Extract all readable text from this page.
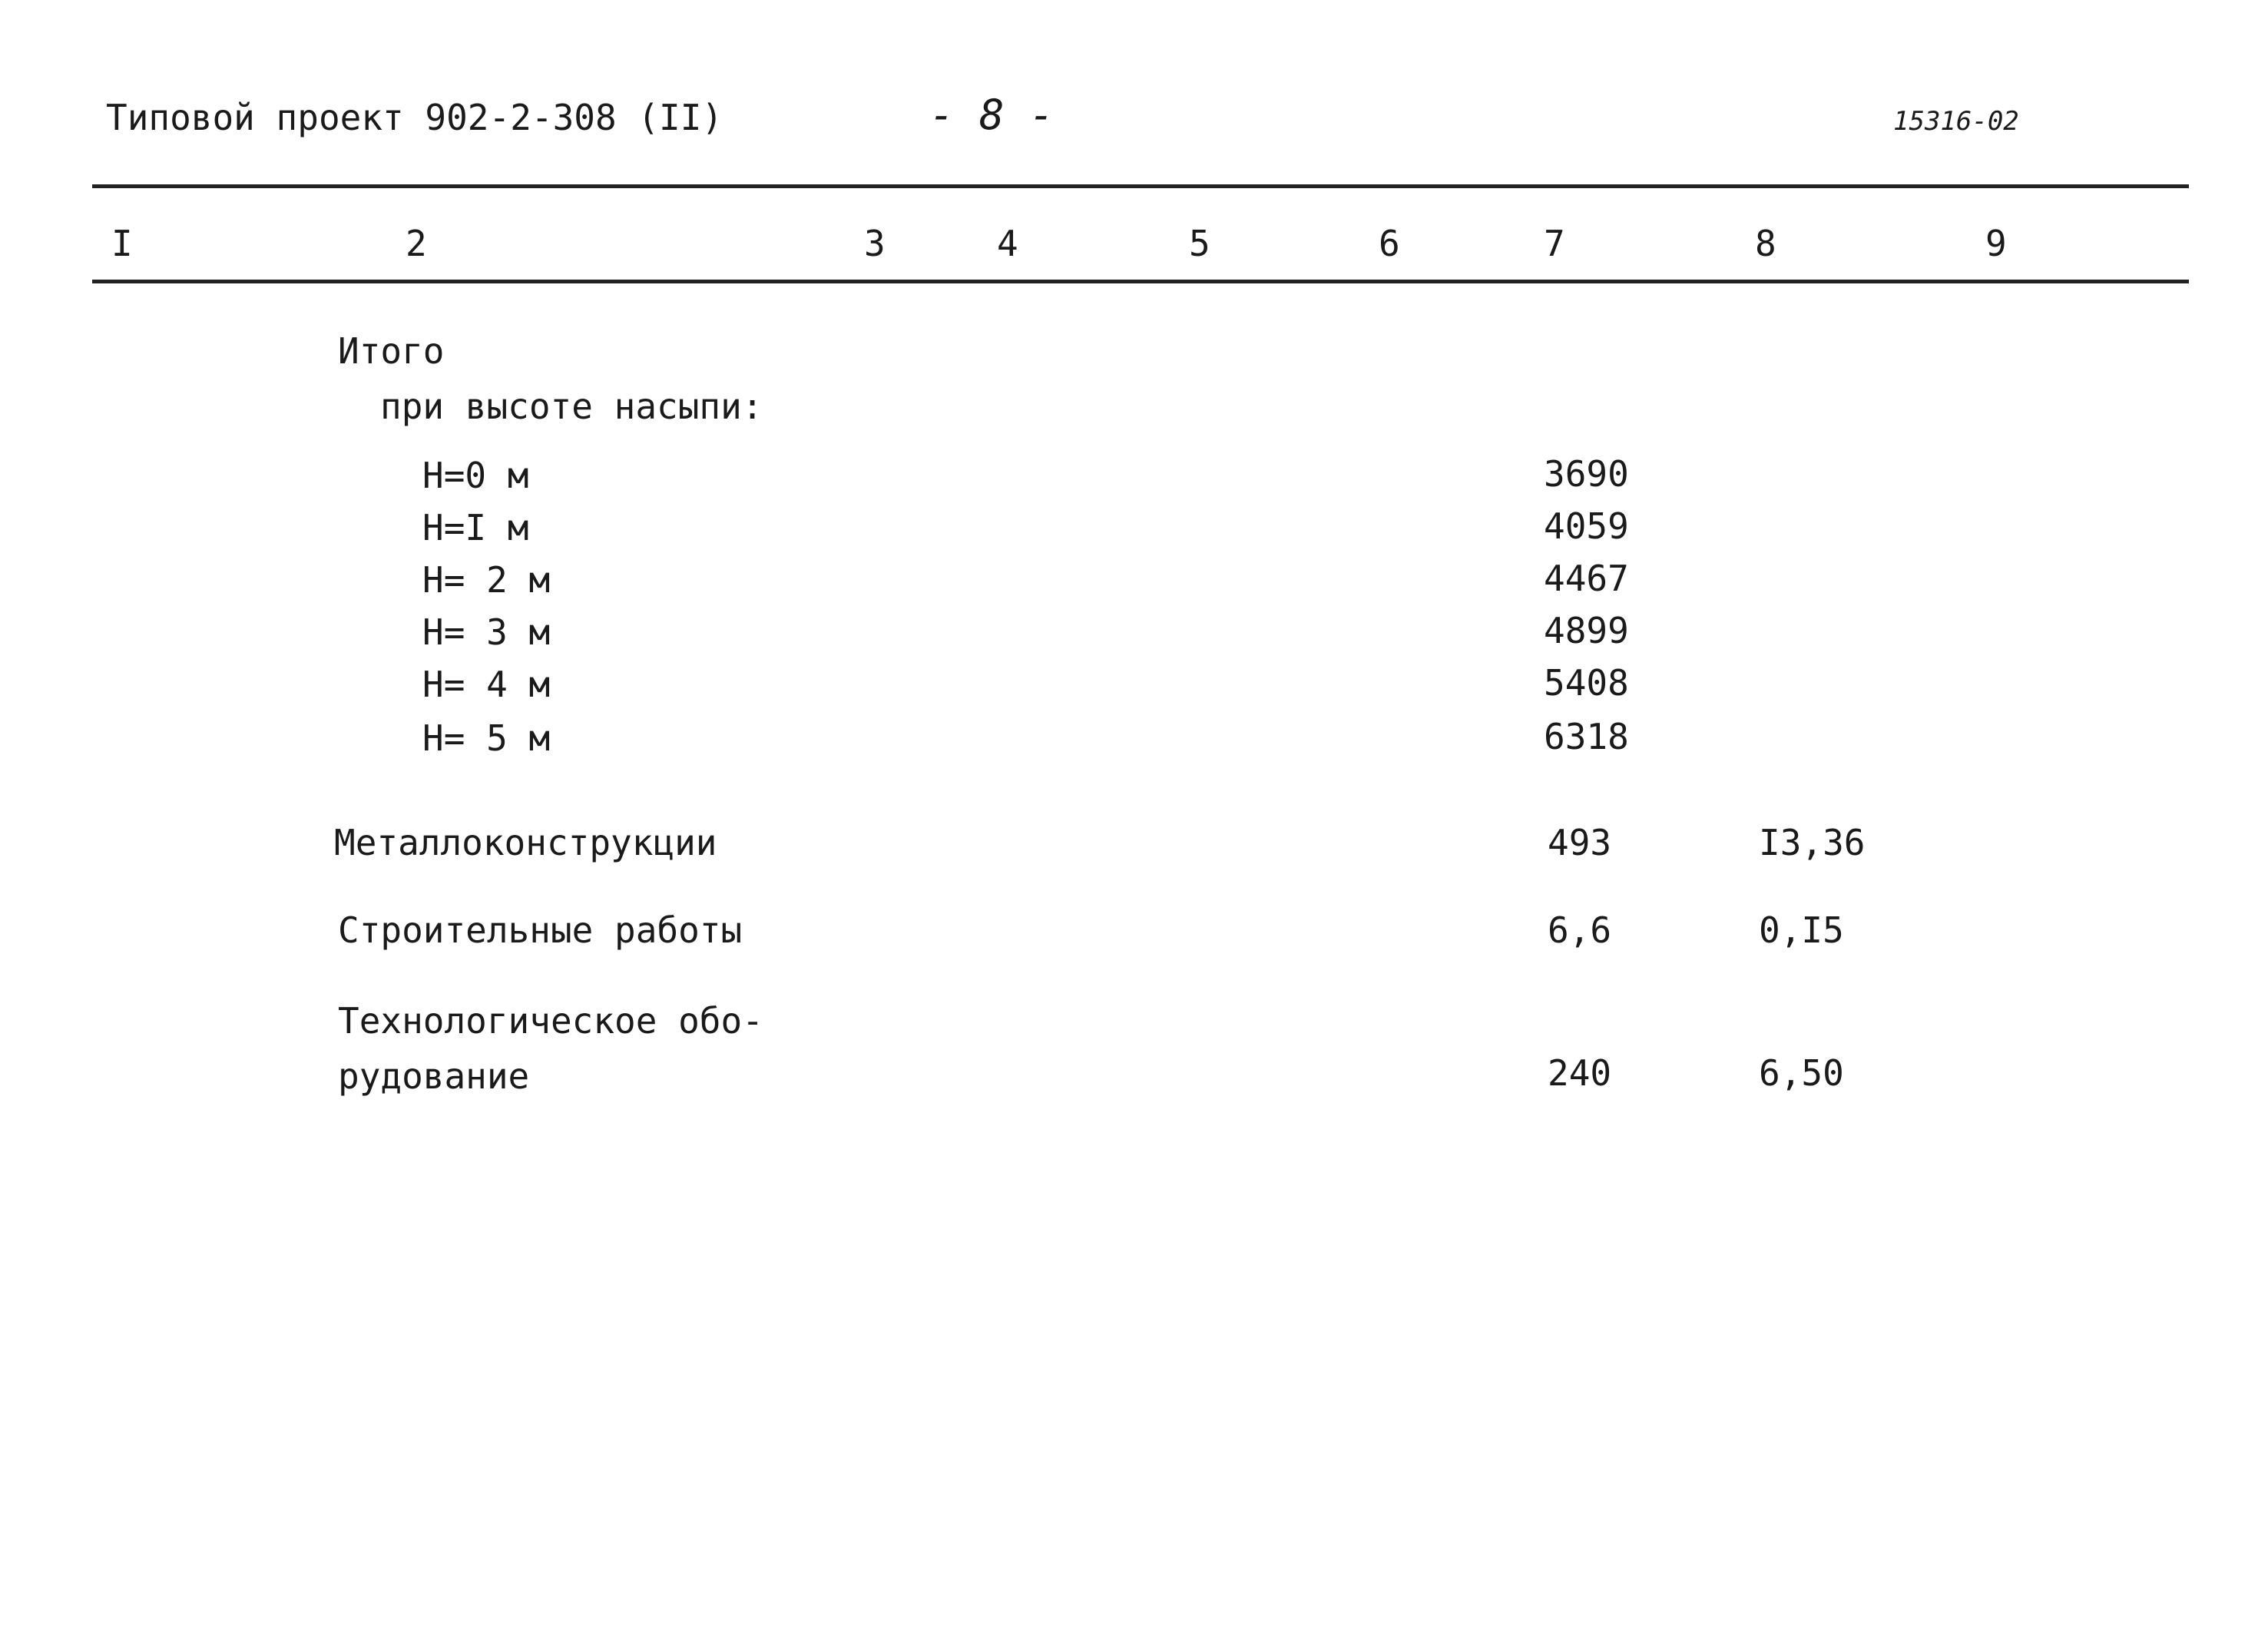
Типовой проект 902-2-308 (II)	- 8 -	15316-02
I	2	3	4	5	6	7	8	9
Итого
при высоте насыпи:
H=0 м	3690
H=I м	4059
H= 2 м	4467
H= 3 м	4899
H= 4 м	5408
H= 5 м	6318
Металлоконструкции	493	I3,36
Строительные работы	6,6	0,I5
Технологическое обо-
рудование	240	6,50
